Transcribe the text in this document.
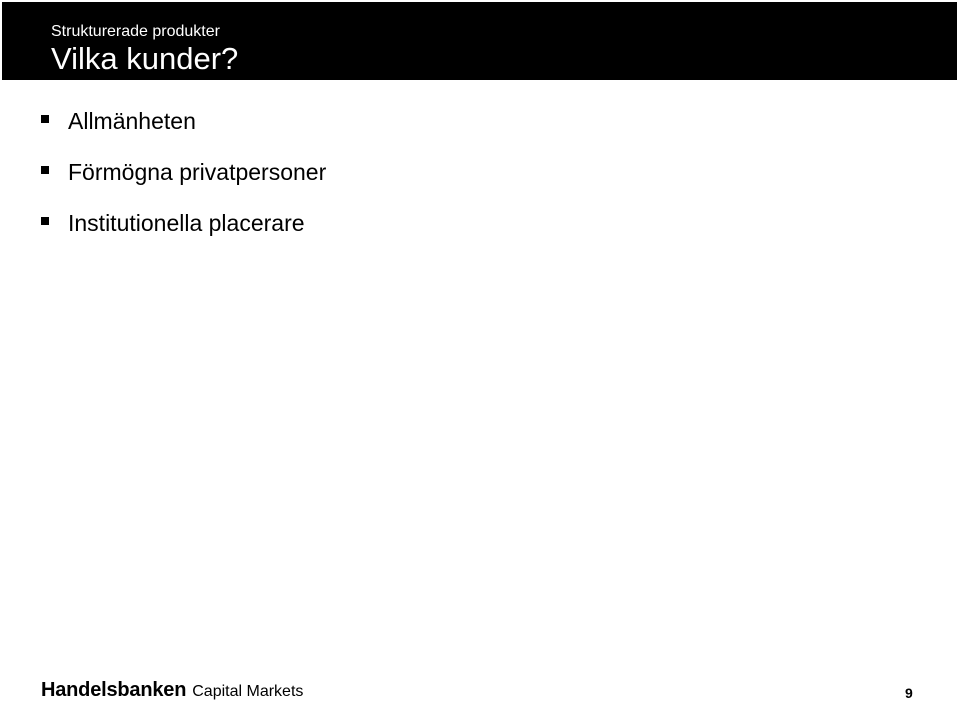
Strukturerade produkter
Vilka kunder?
Allmänheten
Förmögna privatpersoner
Institutionella placerare
Handelsbanken Capital Markets	9
